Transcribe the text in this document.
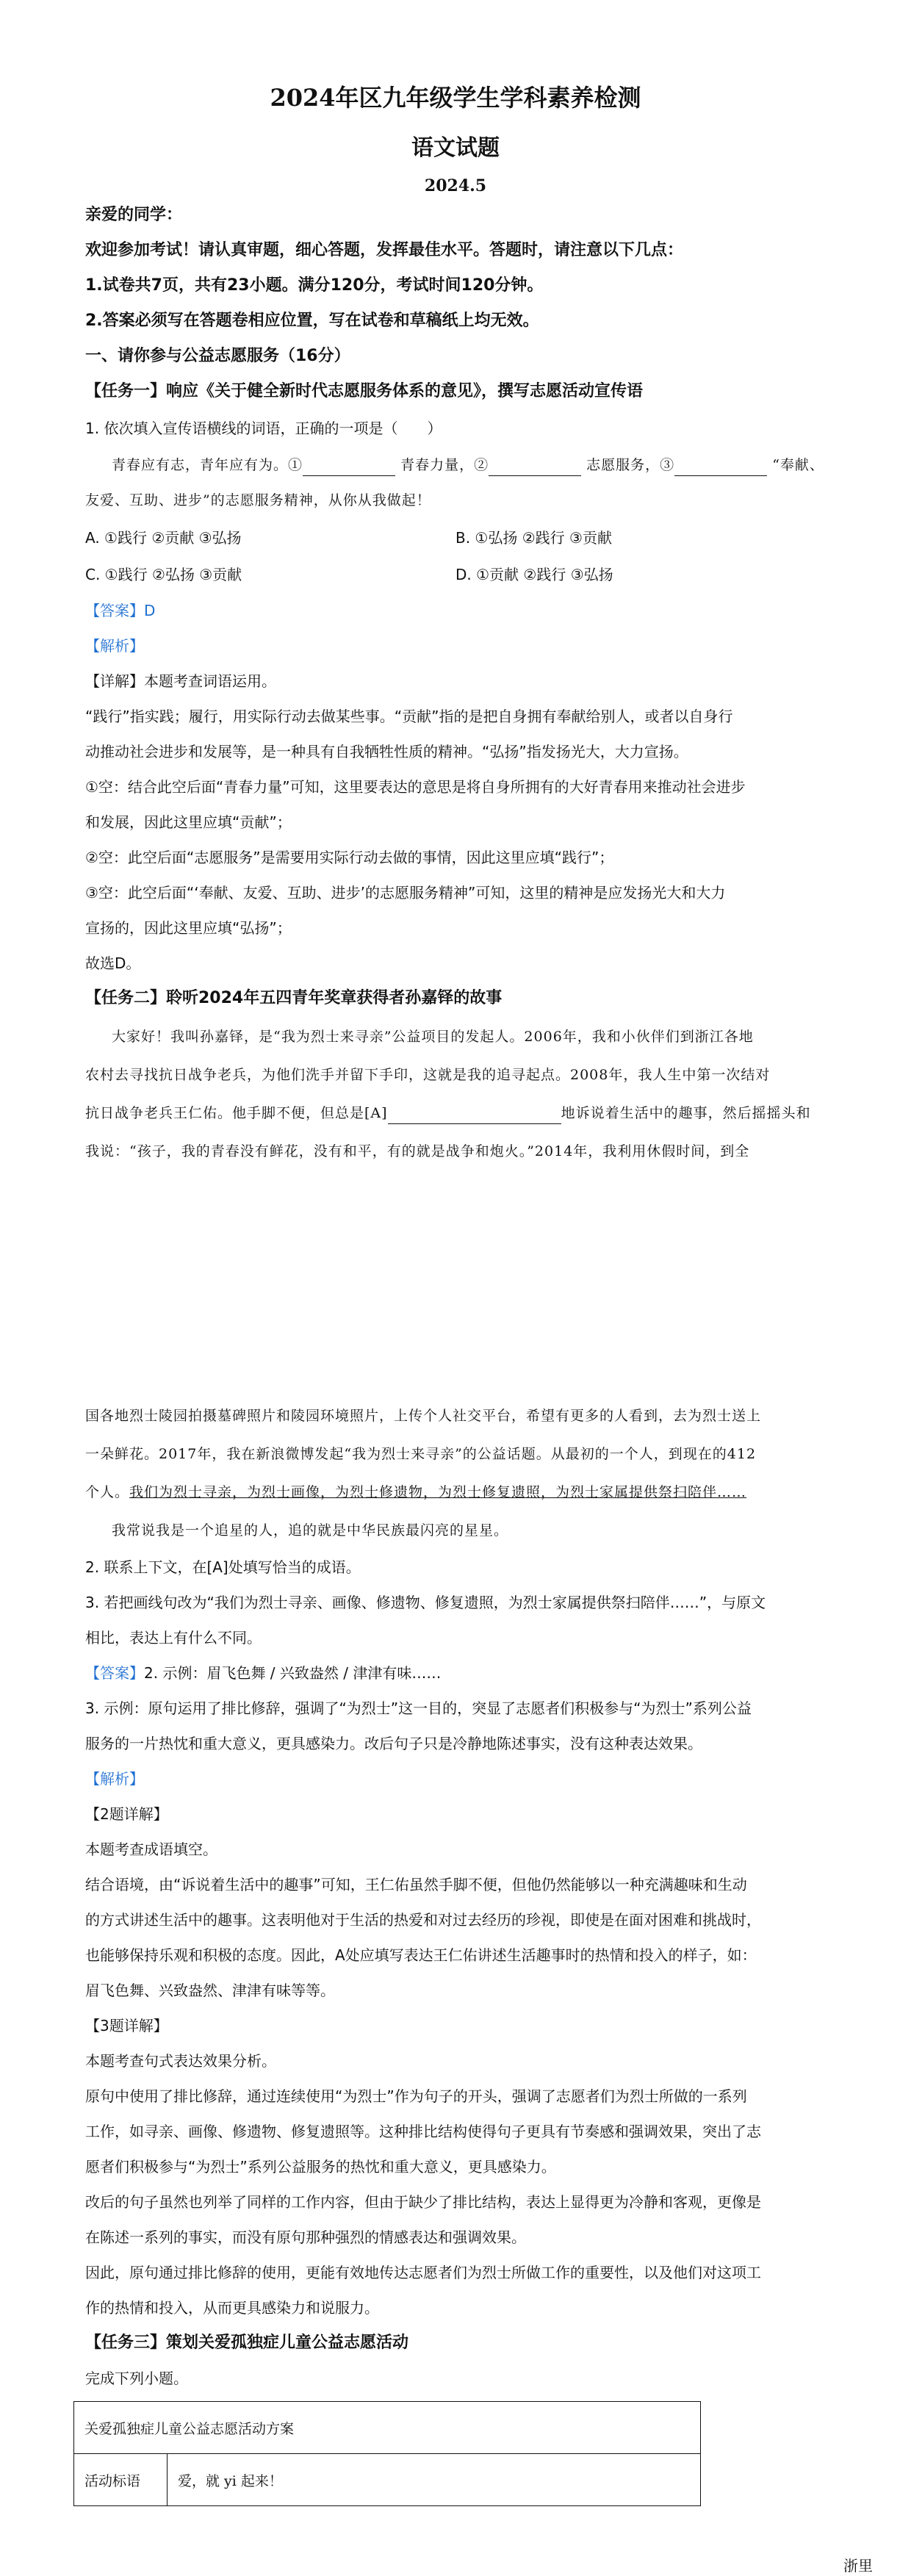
2024年区九年级学生学科素养检测
语文试题
2024.5
亲爱的同学：
欢迎参加考试！请认真审题，细心答题，发挥最佳水平。答题时，请注意以下几点：
1.试卷共7页，共有23小题。满分120分，考试时间120分钟。
2.答案必须写在答题卷相应位置，写在试卷和草稿纸上均无效。
一、请你参与公益志愿服务（16分）
【任务一】响应《关于健全新时代志愿服务体系的意见》，撰写志愿活动宣传语
1. 依次填入宣传语横线的词语，正确的一项是（　　）
青春应有志，青年应有为。①	青春力量，②	志愿服务，③	“奉献、
友爱、互助、进步”的志愿服务精神，从你从我做起！
A. ①践行 ②贡献 ③弘扬	B. ①弘扬 ②践行 ③贡献
C. ①践行 ②弘扬 ③贡献	D. ①贡献 ②践行 ③弘扬
【答案】D
【解析】
【详解】本题考查词语运用。
“践行”指实践；履行，用实际行动去做某些事。“贡献”指的是把自身拥有奉献给别人，或者以自身行
动推动社会进步和发展等，是一种具有自我牺牲性质的精神。“弘扬”指发扬光大，大力宣扬。
①空：结合此空后面“青春力量”可知，这里要表达的意思是将自身所拥有的大好青春用来推动社会进步
和发展，因此这里应填“贡献”；
②空：此空后面“志愿服务”是需要用实际行动去做的事情，因此这里应填“践行”；
③空：此空后面“‘奉献、友爱、互助、进步’的志愿服务精神”可知，这里的精神是应发扬光大和大力
宣扬的，因此这里应填“弘扬”；
故选D。
【任务二】聆听2024年五四青年奖章获得者孙嘉铎的故事
大家好！我叫孙嘉铎，是“我为烈士来寻亲”公益项目的发起人。2006年，我和小伙伴们到浙江各地
农村去寻找抗日战争老兵，为他们洗手并留下手印，这就是我的追寻起点。2008年，我人生中第一次结对
抗日战争老兵王仁佑。他手脚不便，但总是[A]	地诉说着生活中的趣事，然后摇摇头和
我说：“孩子，我的青春没有鲜花，没有和平，有的就是战争和炮火。”2014年，我利用休假时间，到全
国各地烈士陵园拍摄墓碑照片和陵园环境照片，上传个人社交平台，希望有更多的人看到，去为烈士送上
一朵鲜花。2017年，我在新浪微博发起“我为烈士来寻亲”的公益话题。从最初的一个人，到现在的412
个人。我们为烈士寻亲，为烈士画像，为烈士修遗物，为烈士修复遗照，为烈士家属提供祭扫陪伴……
我常说我是一个追星的人，追的就是中华民族最闪亮的星星。
2. 联系上下文，在[A]处填写恰当的成语。
3. 若把画线句改为“我们为烈士寻亲、画像、修遗物、修复遗照，为烈士家属提供祭扫陪伴……”，与原文
相比，表达上有什么不同。
【答案】2. 示例：眉飞色舞 / 兴致盎然 / 津津有味……
3. 示例：原句运用了排比修辞，强调了“为烈士”这一目的，突显了志愿者们积极参与“为烈士”系列公益
服务的一片热忱和重大意义，更具感染力。改后句子只是冷静地陈述事实，没有这种表达效果。
【解析】
【2题详解】
本题考查成语填空。
结合语境，由“诉说着生活中的趣事”可知，王仁佑虽然手脚不便，但他仍然能够以一种充满趣味和生动
的方式讲述生活中的趣事。这表明他对于生活的热爱和对过去经历的珍视，即使是在面对困难和挑战时，
也能够保持乐观和积极的态度。因此，A处应填写表达王仁佑讲述生活趣事时的热情和投入的样子，如：
眉飞色舞、兴致盎然、津津有味等等。
【3题详解】
本题考查句式表达效果分析。
原句中使用了排比修辞，通过连续使用“为烈士”作为句子的开头，强调了志愿者们为烈士所做的一系列
工作，如寻亲、画像、修遗物、修复遗照等。这种排比结构使得句子更具有节奏感和强调效果，突出了志
愿者们积极参与“为烈士”系列公益服务的热忱和重大意义，更具感染力。
改后的句子虽然也列举了同样的工作内容，但由于缺少了排比结构，表达上显得更为冷静和客观，更像是
在陈述一系列的事实，而没有原句那种强烈的情感表达和强调效果。
因此，原句通过排比修辞的使用，更能有效地传达志愿者们为烈士所做工作的重要性，以及他们对这项工
作的热情和投入，从而更具感染力和说服力。
【任务三】策划关爱孤独症儿童公益志愿活动
完成下列小题。
关爱孤独症儿童公益志愿活动方案
活动标语	爱，就 yi 起来！
浙里
